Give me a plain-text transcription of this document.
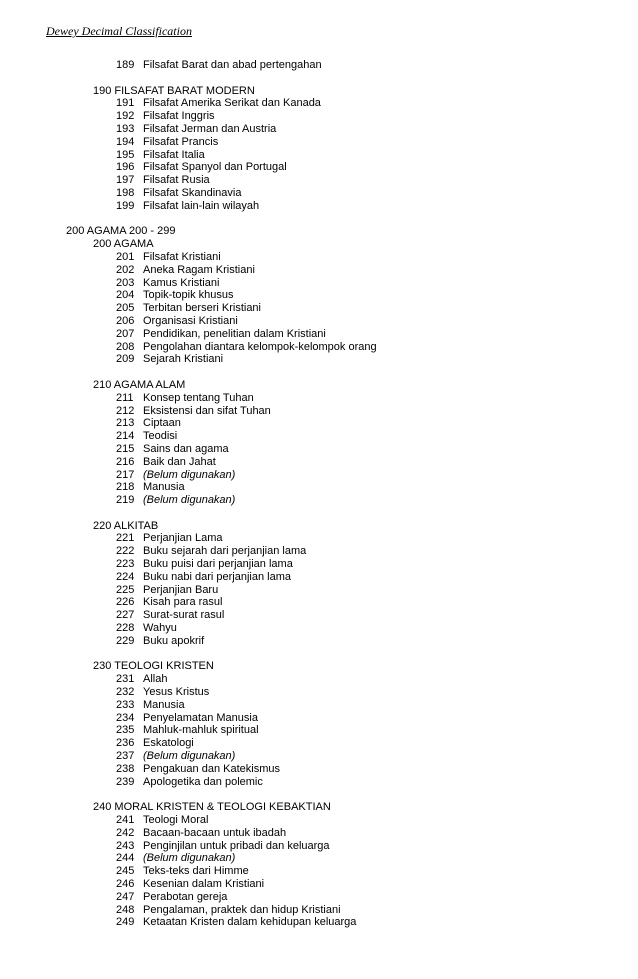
Dewey Decimal Classification
189 Filsafat Barat dan abad pertengahan
190 FILSAFAT BARAT MODERN
191 Filsafat Amerika Serikat dan Kanada
192 Filsafat Inggris
193 Filsafat Jerman dan Austria
194 Filsafat Prancis
195 Filsafat Italia
196 Filsafat Spanyol dan Portugal
197 Filsafat Rusia
198 Filsafat Skandinavia
199 Filsafat lain-lain wilayah
200 AGAMA 200 - 299
200 AGAMA
201 Filsafat Kristiani
202 Aneka Ragam Kristiani
203 Kamus Kristiani
204 Topik-topik khusus
205 Terbitan berseri Kristiani
206 Organisasi Kristiani
207 Pendidikan, penelitian dalam Kristiani
208 Pengolahan diantara kelompok-kelompok orang
209 Sejarah Kristiani
210 AGAMA ALAM
211 Konsep tentang Tuhan
212 Eksistensi dan sifat Tuhan
213 Ciptaan
214 Teodisi
215 Sains dan agama
216 Baik dan Jahat
217 (Belum digunakan)
218 Manusia
219 (Belum digunakan)
220 ALKITAB
221 Perjanjian Lama
222 Buku sejarah dari perjanjian lama
223 Buku puisi dari perjanjian lama
224 Buku nabi dari perjanjian lama
225 Perjanjian Baru
226 Kisah para rasul
227 Surat-surat rasul
228 Wahyu
229 Buku apokrif
230 TEOLOGI KRISTEN
231 Allah
232 Yesus Kristus
233 Manusia
234 Penyelamatan Manusia
235 Mahluk-mahluk spiritual
236 Eskatologi
237 (Belum digunakan)
238 Pengakuan dan Katekismus
239 Apologetika dan polemic
240 MORAL KRISTEN & TEOLOGI KEBAKTIAN
241 Teologi Moral
242 Bacaan-bacaan untuk ibadah
243 Penginjilan untuk pribadi dan keluarga
244 (Belum digunakan)
245 Teks-teks dari Himme
246 Kesenian dalam Kristiani
247 Perabotan gereja
248 Pengalaman, praktek dan hidup Kristiani
249 Ketaatan Kristen dalam kehidupan keluarga
